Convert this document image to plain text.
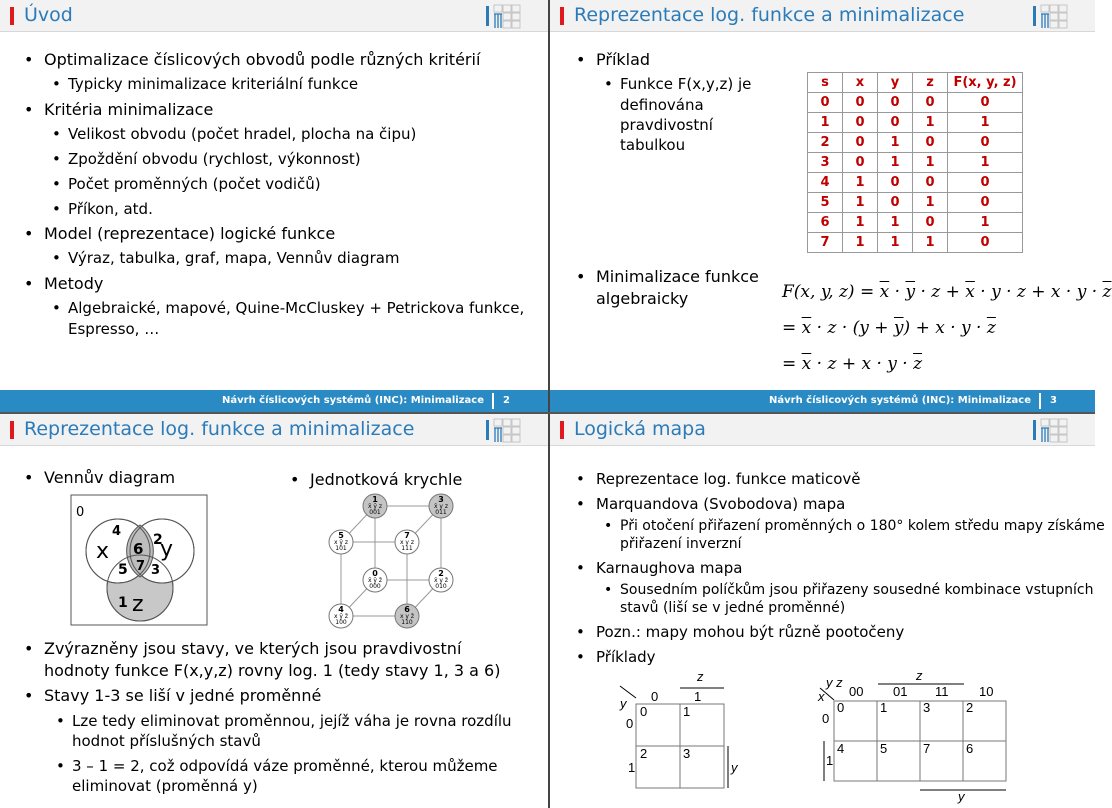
Úvod
• Optimalizace číslicových obvodů podle různých kritérií
• Typicky minimalizace kriteriální funkce
• Kritéria minimalizace
• Velikost obvodu (počet hradel, plocha na čipu)
• Zpoždění obvodu (rychlost, výkonnost)
• Počet proměnných (počet vodičů)
• Příkon, atd.
• Model (reprezentace) logické funkce
• Výraz, tabulka, graf, mapa, Vennův diagram
• Metody
• Algebraické, mapové, Quine-McCluskey + Petrickova funkce,
Espresso, …
Návrh číslicových systémů (INC): Minimalizace 2
Reprezentace log. funkce a minimalizace
• Příklad
• Funkce F(x,y,z) je
definována
pravdivostní
tabulkou
s	x	y	z	F(x, y, z)
0	0	0	0	0
1	0	0	1	1
2	0	1	0	0
3	0	1	1	1
4	1	0	0	0
5	1	0	1	0
6	1	1	0	1
7	1	1	1	0
• Minimalizace funkce
algebraicky	F(x, y, $z) = \overline{x} \cdot \overline{y} \cdot z + \overline{x} \cdot y \cdot z + x \cdot y \cdot \overline{z}$
= $\overline{x} \cdot z \cdot (y + \overline{y}) + x \cdot y \cdot \overline{z}$
= $\overline{x} \cdot z + x \cdot y \cdot \overline{z}$
Návrh číslicových systémů (INC): Minimalizace 3
Reprezentace log. funkce a minimalizace
• Vennův diagram	• Jednotková krychle
0
x y
z
4
6 2
5 7 3
1
1
x̄ ȳ z
001
3
x̄ y z
011
5
x ȳ z
101
7
x y z
111
0
x̄ ȳ z̄
000
2
x̄ y z̄
010
4
x ȳ z̄
100
6
x y z̄
110
• Zvýrazněny jsou stavy, ve kterých jsou pravdivostní
hodnoty funkce F(x,y,z) rovny log. 1 (tedy stavy 1, 3 a 6)
• Stavy 1-3 se liší v jedné proměnné
• Lze tedy eliminovat proměnnou, jejíž váha je rovna rozdílu
hodnot příslušných stavů
• 3 – 1 = 2, což odpovídá váze proměnné, kterou můžeme
eliminovat (proměnná y)
Logická mapa
• Reprezentace log. funkce maticově
• Marquandova (Svobodova) mapa
• Při otočení přiřazení proměnných o 180° kolem středu mapy získáme
přiřazení inverzní
• Karnaughova mapa
• Sousedním políčkům jsou přiřazeny sousedné kombinace vstupních
stavů (liší se v jedné proměnné)
• Pozn.: mapy mohou být různě pootočeny
• Příklady
z
y 0	1
0
1
0	1
2	3
y
z
y z
x 00 01 11 10
0
1
0	1	3	2
4	5	7	6
y
